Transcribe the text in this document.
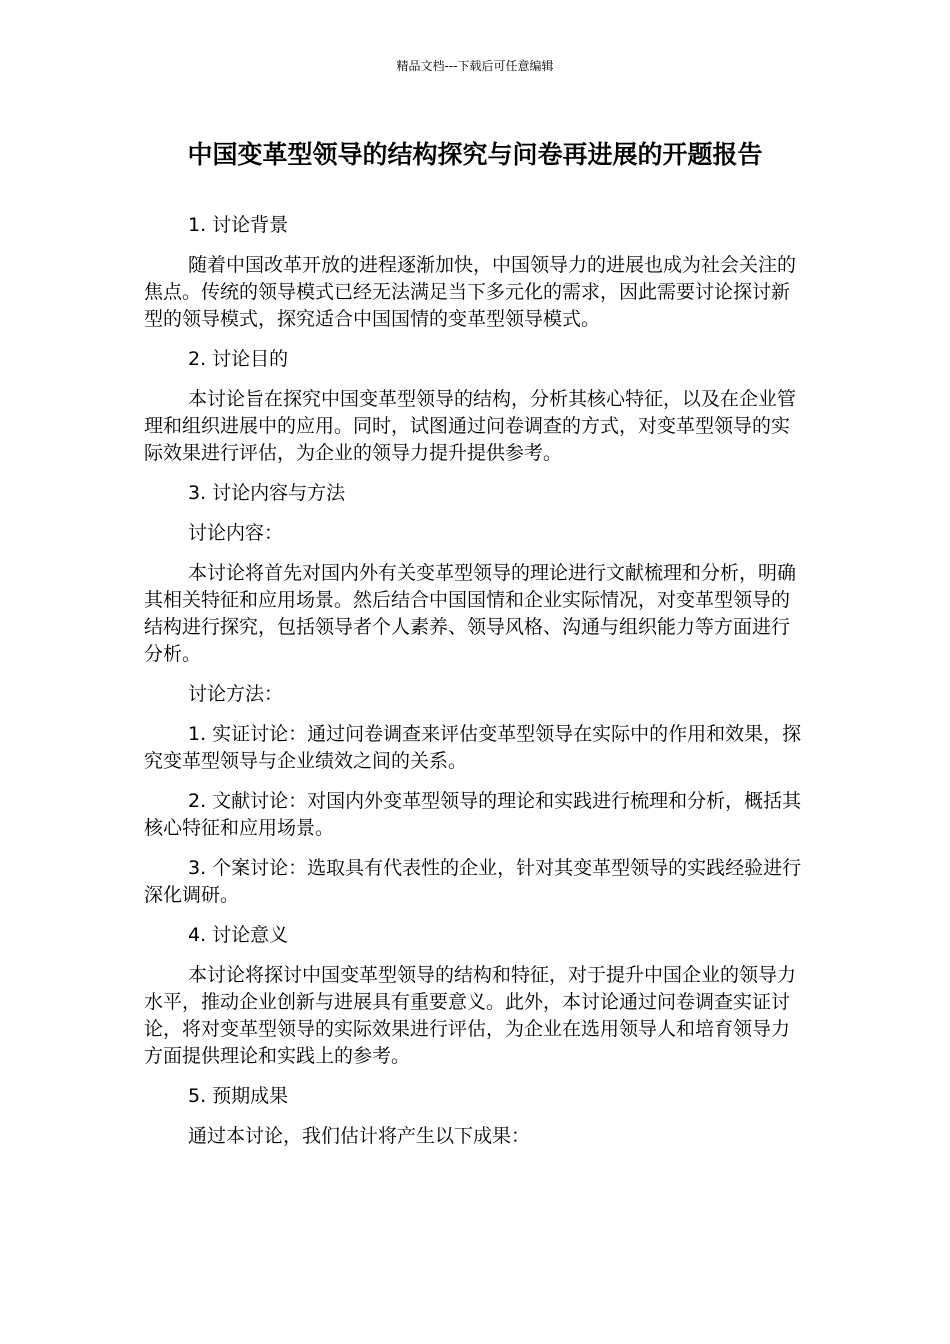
精品文档---下载后可任意编辑
中国变革型领导的结构探究与问卷再进展的开题报告

1. 讨论背景

随着中国改革开放的进程逐渐加快，中国领导力的进展也成为社会关注的焦点。传统的领导模式已经无法满足当下多元化的需求，因此需要讨论探讨新型的领导模式，探究适合中国国情的变革型领导模式。

2. 讨论目的

本讨论旨在探究中国变革型领导的结构，分析其核心特征，以及在企业管理和组织进展中的应用。同时，试图通过问卷调查的方式，对变革型领导的实际效果进行评估，为企业的领导力提升提供参考。

3. 讨论内容与方法

讨论内容：

本讨论将首先对国内外有关变革型领导的理论进行文献梳理和分析，明确其相关特征和应用场景。然后结合中国国情和企业实际情况，对变革型领导的结构进行探究，包括领导者个人素养、领导风格、沟通与组织能力等方面进行分析。

讨论方法：

1. 实证讨论：通过问卷调查来评估变革型领导在实际中的作用和效果，探究变革型领导与企业绩效之间的关系。

2. 文献讨论：对国内外变革型领导的理论和实践进行梳理和分析，概括其核心特征和应用场景。

3. 个案讨论：选取具有代表性的企业，针对其变革型领导的实践经验进行深化调研。

4. 讨论意义

本讨论将探讨中国变革型领导的结构和特征，对于提升中国企业的领导力水平，推动企业创新与进展具有重要意义。此外，本讨论通过问卷调查实证讨论，将对变革型领导的实际效果进行评估，为企业在选用领导人和培育领导力方面提供理论和实践上的参考。

5. 预期成果

通过本讨论，我们估计将产生以下成果：
